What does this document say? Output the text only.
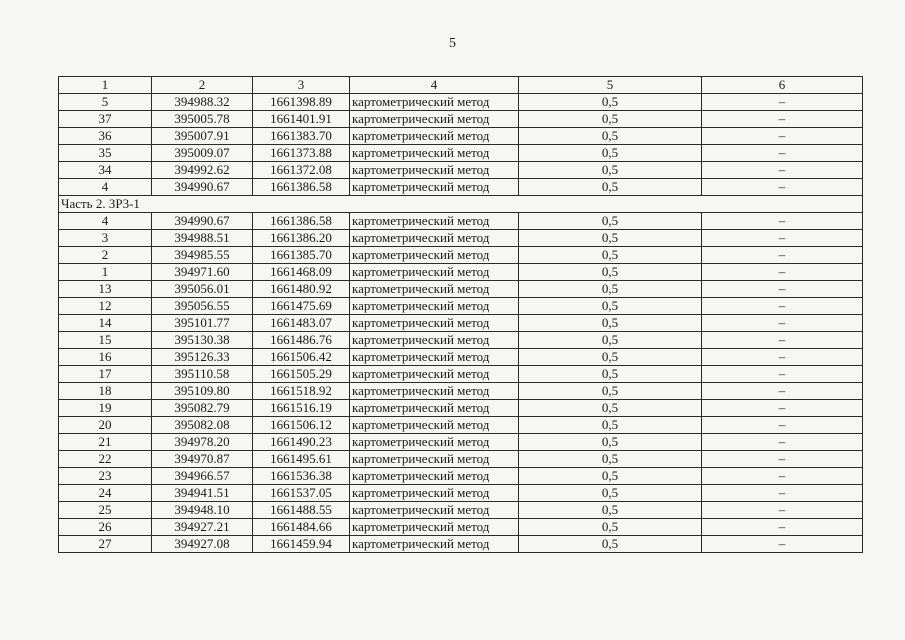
5
1	2	3	4	5	6
5	394988.32	1661398.89	картометрический метод	0,5	–
37	395005.78	1661401.91	картометрический метод	0,5	–
36	395007.91	1661383.70	картометрический метод	0,5	–
35	395009.07	1661373.88	картометрический метод	0,5	–
34	394992.62	1661372.08	картометрический метод	0,5	–
4	394990.67	1661386.58	картометрический метод	0,5	–
Часть 2. ЗР3-1					
4	394990.67	1661386.58	картометрический метод	0,5	–
3	394988.51	1661386.20	картометрический метод	0,5	–
2	394985.55	1661385.70	картометрический метод	0,5	–
1	394971.60	1661468.09	картометрический метод	0,5	–
13	395056.01	1661480.92	картометрический метод	0,5	–
12	395056.55	1661475.69	картометрический метод	0,5	–
14	395101.77	1661483.07	картометрический метод	0,5	–
15	395130.38	1661486.76	картометрический метод	0,5	–
16	395126.33	1661506.42	картометрический метод	0,5	–
17	395110.58	1661505.29	картометрический метод	0,5	–
18	395109.80	1661518.92	картометрический метод	0,5	–
19	395082.79	1661516.19	картометрический метод	0,5	–
20	395082.08	1661506.12	картометрический метод	0,5	–
21	394978.20	1661490.23	картометрический метод	0,5	–
22	394970.87	1661495.61	картометрический метод	0,5	–
23	394966.57	1661536.38	картометрический метод	0,5	–
24	394941.51	1661537.05	картометрический метод	0,5	–
25	394948.10	1661488.55	картометрический метод	0,5	–
26	394927.21	1661484.66	картометрический метод	0,5	–
27	394927.08	1661459.94	картометрический метод	0,5	–
